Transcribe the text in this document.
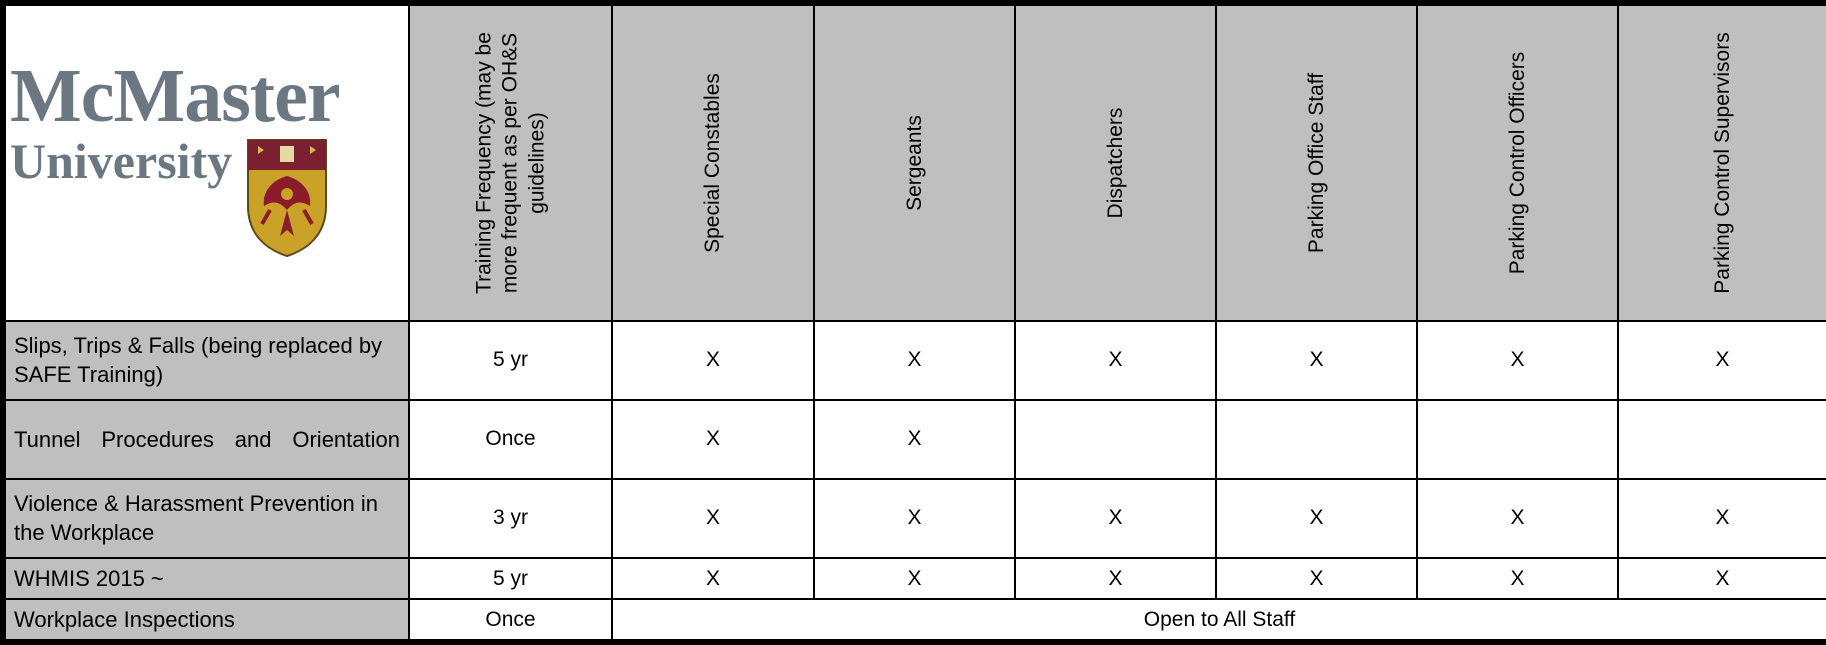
McMaster
University	Training Frequency (may be more frequent as per OH&S guidelines)	Special Constables	Sergeants	Dispatchers	Parking Office Staff	Parking Control Officers	Parking Control Supervisors

Slips, Trips & Falls (being replaced by SAFE Training)	5 yr	X	X	X	X	X	X
Tunnel Procedures and Orientation	Once	X	X				
Violence & Harassment Prevention in the Workplace	3 yr	X	X	X	X	X	X
WHMIS 2015 ~	5 yr	X	X	X	X	X	X
Workplace Inspections	Once	Open to All Staff					
